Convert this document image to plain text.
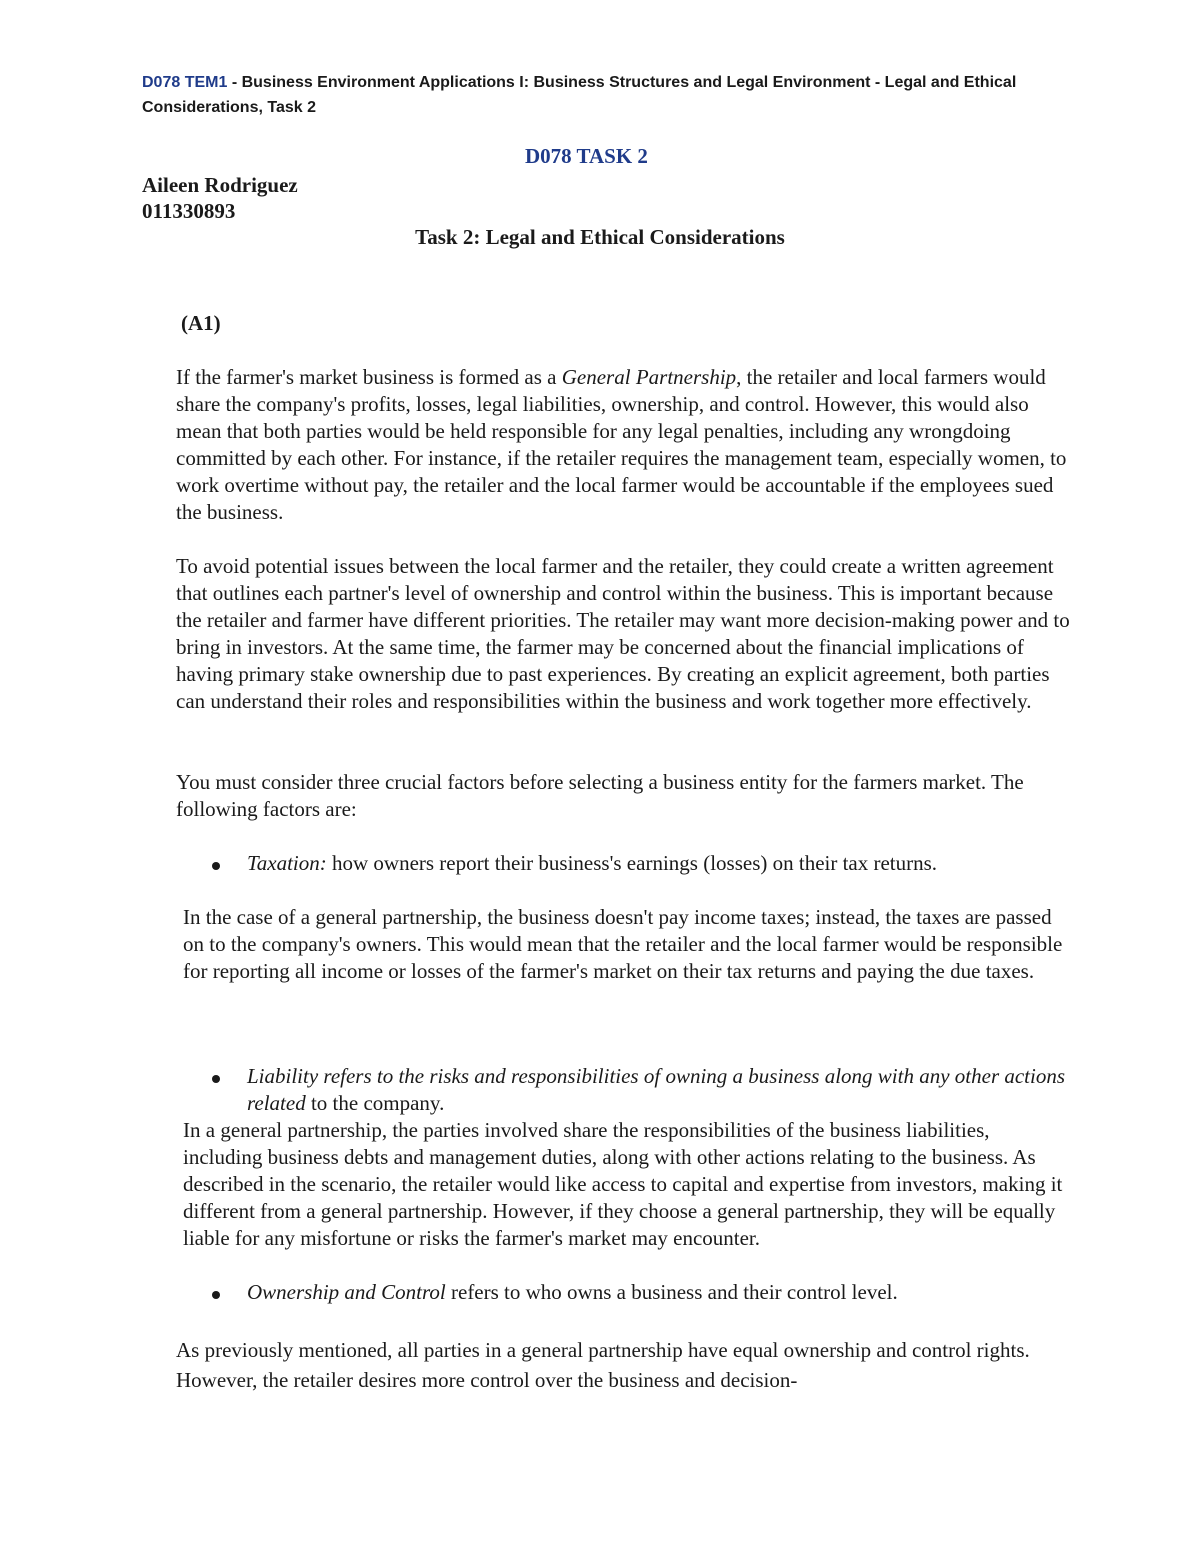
D078 TEM1 - Business Environment Applications I: Business Structures and Legal Environment - Legal and Ethical Considerations, Task 2
D078 TASK 2
Aileen Rodriguez
011330893
Task 2: Legal and Ethical Considerations
(A1)
If the farmer's market business is formed as a General Partnership, the retailer and local farmers would share the company's profits, losses, legal liabilities, ownership, and control. However, this would also mean that both parties would be held responsible for any legal penalties, including any wrongdoing committed by each other. For instance, if the retailer requires the management team, especially women, to work overtime without pay, the retailer and the local farmer would be accountable if the employees sued the business.
To avoid potential issues between the local farmer and the retailer, they could create a written agreement that outlines each partner's level of ownership and control within the business. This is important because the retailer and farmer have different priorities. The retailer may want more decision-making power and to bring in investors. At the same time, the farmer may be concerned about the financial implications of having primary stake ownership due to past experiences. By creating an explicit agreement, both parties can understand their roles and responsibilities within the business and work together more effectively.
You must consider three crucial factors before selecting a business entity for the farmers market. The following factors are:
Taxation: how owners report their business's earnings (losses) on their tax returns.
In the case of a general partnership, the business doesn't pay income taxes; instead, the taxes are passed on to the company's owners. This would mean that the retailer and the local farmer would be responsible for reporting all income or losses of the farmer's market on their tax returns and paying the due taxes.
Liability refers to the risks and responsibilities of owning a business along with any other actions related to the company.
In a general partnership, the parties involved share the responsibilities of the business liabilities, including business debts and management duties, along with other actions relating to the business. As described in the scenario, the retailer would like access to capital and expertise from investors, making it different from a general partnership. However, if they choose a general partnership, they will be equally liable for any misfortune or risks the farmer's market may encounter.
Ownership and Control refers to who owns a business and their control level.
As previously mentioned, all parties in a general partnership have equal ownership and control rights. However, the retailer desires more control over the business and decision-
